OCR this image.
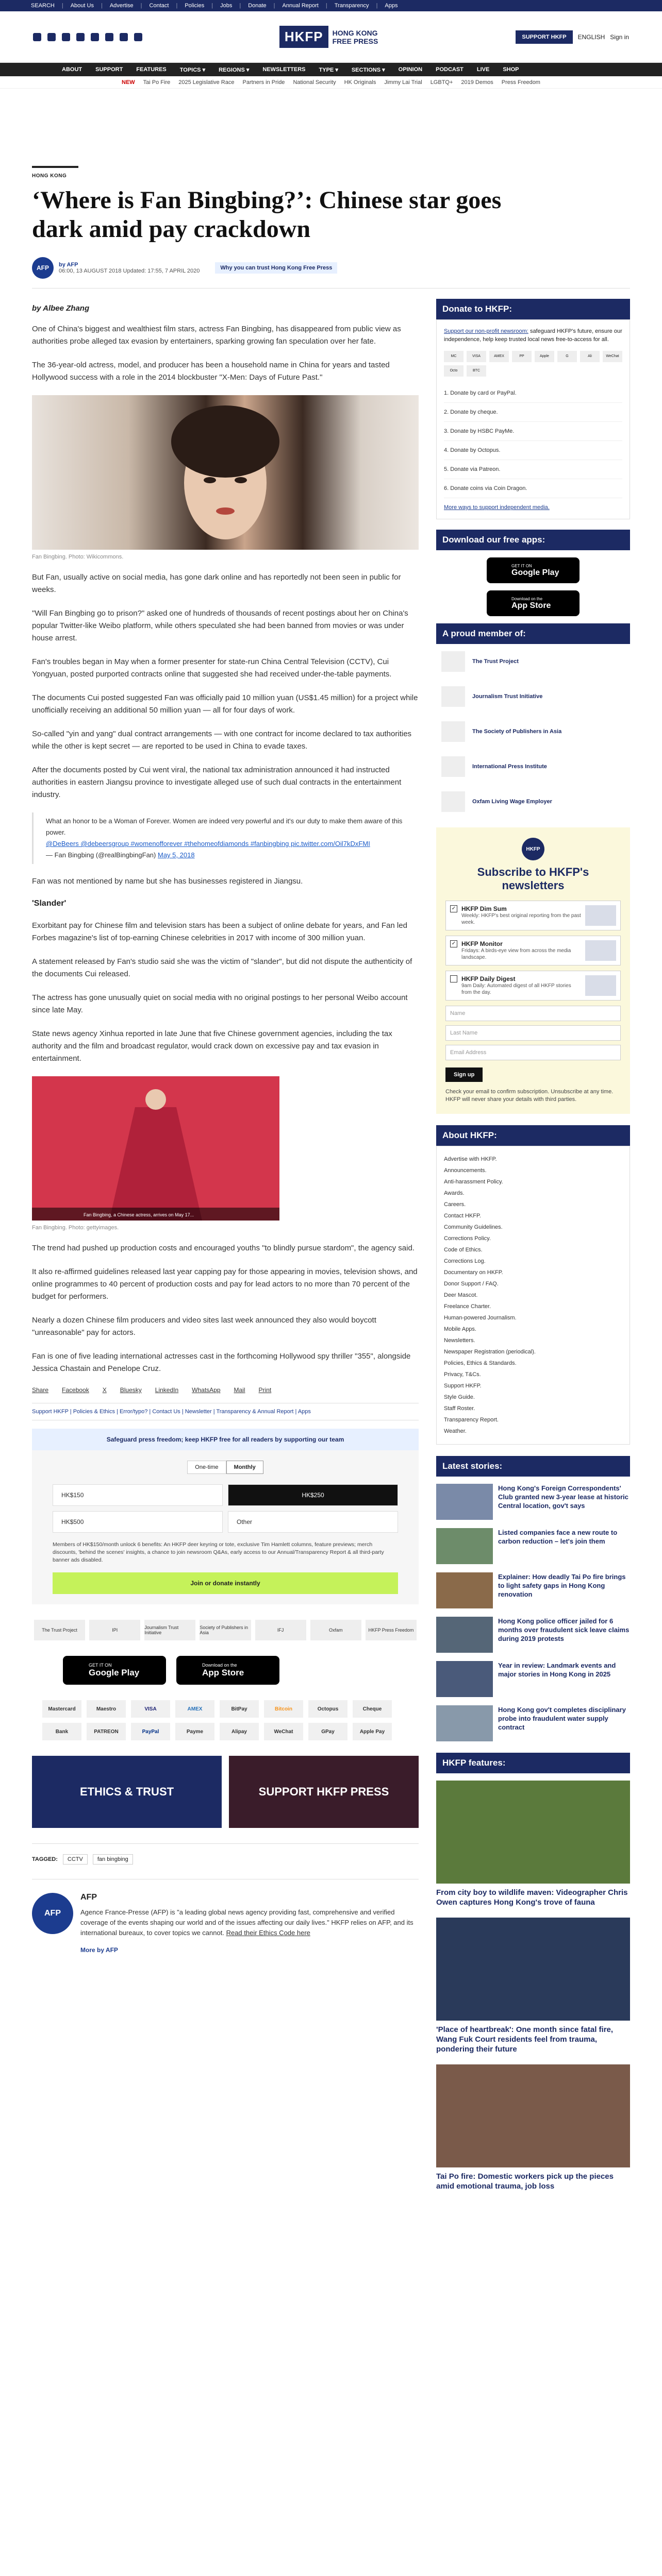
SEARCH | About Us | Advertise | Contact | Policies | Jobs | Donate | Annual Report | Transparency | Apps
HKFP	HONG KONG FREE PRESS	SUPPORT HKFP	ENGLISH Sign in
ABOUT SUPPORT FEATURES TOPICS ▾ REGIONS ▾ NEWSLETTERS TYPE ▾ SECTIONS ▾ OPINION PODCAST LIVE SHOP
NEW Tai Po Fire 2025 Legislative Race Partners in Pride National Security HK Originals Jimmy Lai Trial LGBTQ+ 2019 Demos Press Freedom
HONG KONG
‘Where is Fan Bingbing?’: Chinese star goes dark amid pay crackdown
AFP	by AFP
06:00, 13 AUGUST 2018 Updated: 17:55, 7 APRIL 2020	Why you can trust Hong Kong Free Press
by Albee Zhang

One of China's biggest and wealthiest film stars, actress Fan Bingbing, has disappeared from public view as authorities probe alleged tax evasion by entertainers, sparking growing fan speculation over her fate.

The 36-year-old actress, model, and producer has been a household name in China for years and tasted Hollywood success with a role in the 2014 blockbuster "X-Men: Days of Future Past."

Fan Bingbing. Photo: Wikicommons.

But Fan, usually active on social media, has gone dark online and has reportedly not been seen in public for weeks.

"Will Fan Bingbing go to prison?" asked one of hundreds of thousands of recent postings about her on China's popular Twitter-like Weibo platform, while others speculated she had been banned from movies or was under house arrest.

Fan's troubles began in May when a former presenter for state-run China Central Television (CCTV), Cui Yongyuan, posted purported contracts online that suggested she had received under-the-table payments.

The documents Cui posted suggested Fan was officially paid 10 million yuan (US$1.45 million) for a project while unofficially receiving an additional 50 million yuan — all for four days of work.

So-called "yin and yang" dual contract arrangements — with one contract for income declared to tax authorities while the other is kept secret — are reported to be used in China to evade taxes.

After the documents posted by Cui went viral, the national tax administration announced it had instructed authorities in eastern Jiangsu province to investigate alleged use of such dual contracts in the entertainment industry.

What an honor to be a Woman of Forever. Women are indeed very powerful and it's our duty to make them aware of this power.
@DeBeers @debeersgroup #womenofforever #thehomeofdiamonds #fanbingbing pic.twitter.com/Oil7kDxFMI
— Fan Bingbing (@realBingbingFan) May 5, 2018

Fan was not mentioned by name but she has businesses registered in Jiangsu.

'Slander'

Exorbitant pay for Chinese film and television stars has been a subject of online debate for years, and Fan led Forbes magazine's list of top-earning Chinese celebrities in 2017 with income of 300 million yuan.

A statement released by Fan's studio said she was the victim of "slander", but did not dispute the authenticity of the documents Cui released.

The actress has gone unusually quiet on social media with no original postings to her personal Weibo account since late May.

State news agency Xinhua reported in late June that five Chinese government agencies, including the tax authority and the film and broadcast regulator, would crack down on excessive pay and tax evasion in entertainment.

Fan Bingbing, a Chinese actress, arrives on May 17...
Fan Bingbing. Photo: gettyimages.

The trend had pushed up production costs and encouraged youths "to blindly pursue stardom", the agency said.

It also re-affirmed guidelines released last year capping pay for those appearing in movies, television shows, and online programmes to 40 percent of production costs and pay for lead actors to no more than 70 percent of the budget for performers.

Nearly a dozen Chinese film producers and video sites last week announced they also would boycott "unreasonable" pay for actors.

Fan is one of five leading international actresses cast in the forthcoming Hollywood spy thriller "355", alongside Jessica Chastain and Penelope Cruz.

Share Facebook X Bluesky LinkedIn WhatsApp Mail Print
Support HKFP | Policies & Ethics | Error/typo? | Contact Us | Newsletter | Transparency & Annual Report | Apps
Safeguard press freedom; keep HKFP free for all readers by supporting our team
One-time	Monthly
HK$150	HK$250
HK$500	Other
Members of HK$150/month unlock 6 benefits: An HKFP deer keyring or tote, exclusive Tim Hamlett columns, feature previews; merch discounts, 'behind the scenes' insights, a chance to join newsroom Q&As, early access to our Annual/Transparency Report & all third-party banner ads disabled.
Join or donate instantly
The Trust Project	IPI	Journalism Trust Initiative
Society of Publishers in Asia	IFJ	Oxfam	HKFP Press Freedom
GET IT ON
Google Play
Download on the
App Store
Mastercard	Maestro	VISA	AMEX	BitPay	Bitcoin	Octopus	Cheque
Bank	PATREON	PayPal	Payme	Alipay	WeChat	GPay	Apple Pay
ETHICS & TRUST	SUPPORT HKFP PRESS
TAGGED:	CCTV	fan bingbing
AFP
AFP
Agence France-Presse (AFP) is "a leading global news agency providing fast, comprehensive and verified coverage of the events shaping our world and of the issues affecting our daily lives." HKFP relies on AFP, and its international bureaux, to cover topics we cannot. Read their Ethics Code here
More by AFP
Donate to HKFP:
Support our non-profit newsroom: safeguard HKFP's future, ensure our independence, help keep trusted local news free-to-access for all.
MC	VISA	AMEX	PP	Apple	G	Ali	WeChat
Octo	BTC
1. Donate by card or PayPal.
2. Donate by cheque.
3. Donate by HSBC PayMe.
4. Donate by Octopus.
5. Donate via Patreon.
6. Donate coins via Coin Dragon.
More ways to support independent media.
Download our free apps:
GET IT ON
Google Play
Download on the
App Store
A proud member of:
The Trust Project
Journalism Trust Initiative
The Society of Publishers in Asia
International Press Institute
Oxfam Living Wage Employer
HKFP
Subscribe to HKFP's newsletters
✓ HKFP Dim Sum
Weekly: HKFP's best original reporting from the past week.
✓ HKFP Monitor
Fridays: A birds-eye view from across the media landscape.
HKFP Daily Digest
9am Daily: Automated digest of all HKFP stories from the day.
Name
Last Name
Email Address
Sign up
Check your email to confirm subscription. Unsubscribe at any time. HKFP will never share your details with third parties.
About HKFP:
Advertise with HKFP.
Announcements.
Anti-harassment Policy.
Awards.
Careers.
Contact HKFP.
Community Guidelines.
Corrections Policy.
Code of Ethics.
Corrections Log.
Documentary on HKFP.
Donor Support / FAQ.
Deer Mascot.
Freelance Charter.
Human-powered Journalism.
Mobile Apps.
Newsletters.
Newspaper Registration (periodical).
Policies, Ethics & Standards.
Privacy, T&Cs.
Support HKFP.
Style Guide.
Staff Roster.
Transparency Report.
Weather.
Latest stories:
Hong Kong's Foreign Correspondents' Club granted new 3-year lease at historic Central location, gov't says
Listed companies face a new route to carbon reduction – let's join them
Explainer: How deadly Tai Po fire brings to light safety gaps in Hong Kong renovation
Hong Kong police officer jailed for 6 months over fraudulent sick leave claims during 2019 protests
Year in review: Landmark events and major stories in Hong Kong in 2025
Hong Kong gov't completes disciplinary probe into fraudulent water supply contract
HKFP features:
From city boy to wildlife maven: Videographer Chris Owen captures Hong Kong's trove of fauna
'Place of heartbreak': One month since fatal fire, Wang Fuk Court residents feel from trauma, pondering their future
Tai Po fire: Domestic workers pick up the pieces amid emotional trauma, job loss
